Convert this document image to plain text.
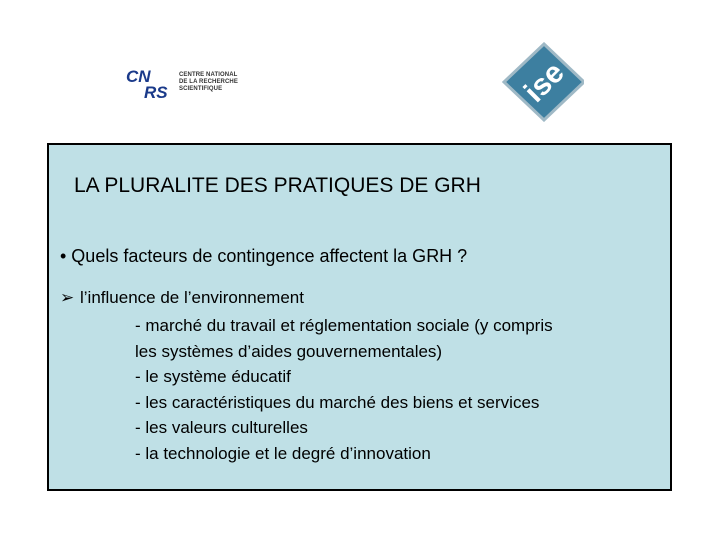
CN
RS
CENTRE NATIONAL
DE LA RECHERCHE
SCIENTIFIQUE	ise
LA PLURALITE DES PRATIQUES DE GRH
• Quels facteurs de contingence affectent la GRH ?
➢ l’influence de l’environnement
- marché du travail et réglementation sociale (y compris
les systèmes d’aides gouvernementales)
- le système éducatif
- les caractéristiques du marché des biens et services
- les valeurs culturelles
- la technologie et le degré d’innovation
